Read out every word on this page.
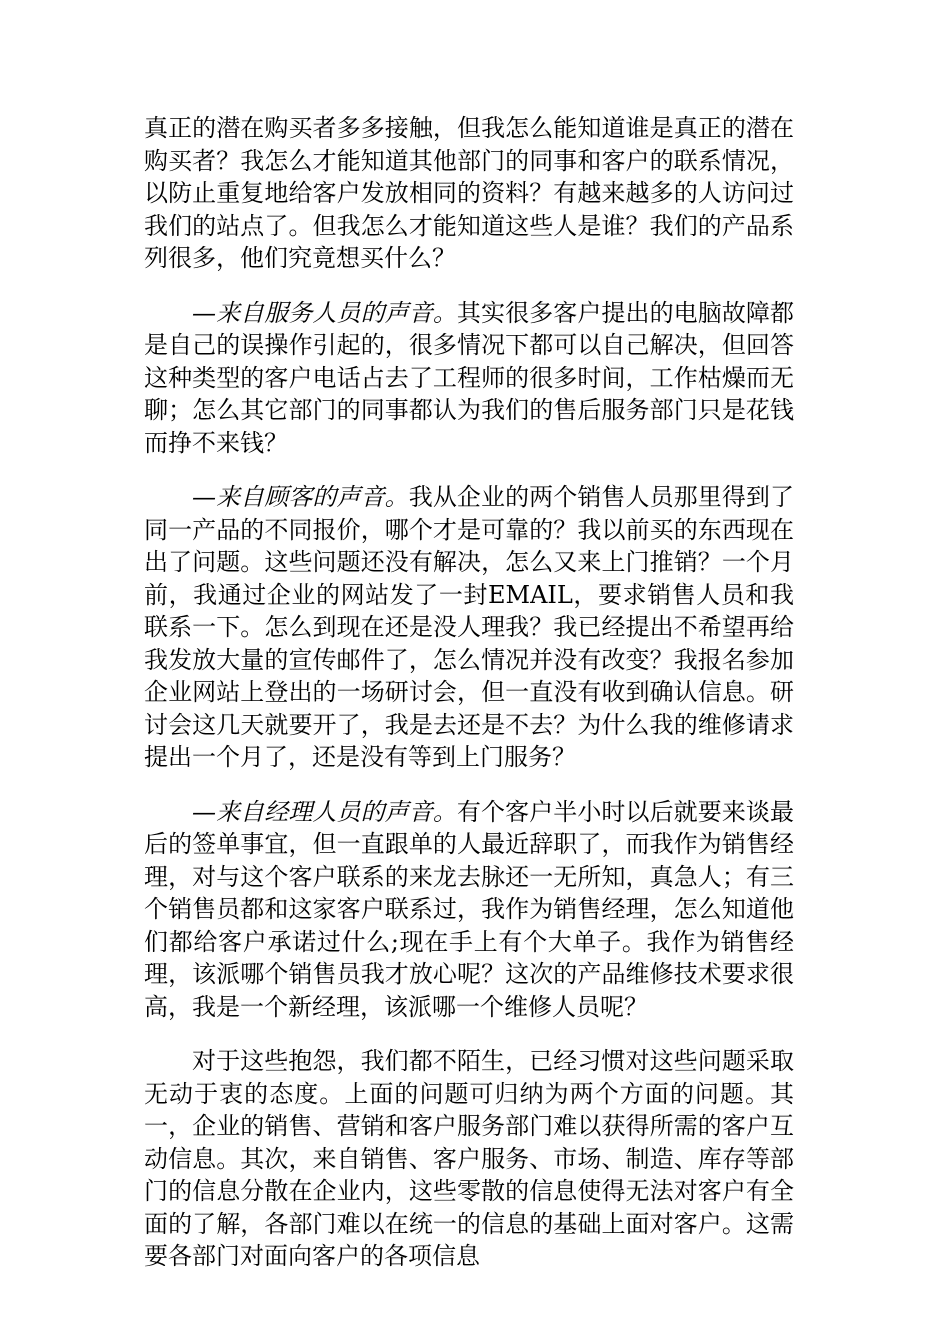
真正的潜在购买者多多接触，但我怎么能知道谁是真正的潜在购买者？我怎么才能知道其他部门的同事和客户的联系情况，以防止重复地给客户发放相同的资料？有越来越多的人访问过我们的站点了。但我怎么才能知道这些人是谁？我们的产品系列很多，他们究竟想买什么？

—来自服务人员的声音。其实很多客户提出的电脑故障都是自己的误操作引起的，很多情况下都可以自己解决，但回答这种类型的客户电话占去了工程师的很多时间，工作枯燥而无聊；怎么其它部门的同事都认为我们的售后服务部门只是花钱而挣不来钱？

—来自顾客的声音。我从企业的两个销售人员那里得到了同一产品的不同报价，哪个才是可靠的？我以前买的东西现在出了问题。这些问题还没有解决，怎么又来上门推销？一个月前，我通过企业的网站发了一封EMAIL，要求销售人员和我联系一下。怎么到现在还是没人理我？我已经提出不希望再给我发放大量的宣传邮件了，怎么情况并没有改变？我报名参加企业网站上登出的一场研讨会，但一直没有收到确认信息。研讨会这几天就要开了，我是去还是不去？为什么我的维修请求提出一个月了，还是没有等到上门服务？

—来自经理人员的声音。有个客户半小时以后就要来谈最后的签单事宜，但一直跟单的人最近辞职了，而我作为销售经理，对与这个客户联系的来龙去脉还一无所知，真急人；有三个销售员都和这家客户联系过，我作为销售经理，怎么知道他们都给客户承诺过什么;现在手上有个大单子。我作为销售经理，该派哪个销售员我才放心呢？这次的产品维修技术要求很高，我是一个新经理，该派哪一个维修人员呢？

对于这些抱怨，我们都不陌生，已经习惯对这些问题采取无动于衷的态度。上面的问题可归纳为两个方面的问题。其一，企业的销售、营销和客户服务部门难以获得所需的客户互动信息。其次，来自销售、客户服务、市场、制造、库存等部门的信息分散在企业内，这些零散的信息使得无法对客户有全面的了解，各部门难以在统一的信息的基础上面对客户。这需要各部门对面向客户的各项信息
